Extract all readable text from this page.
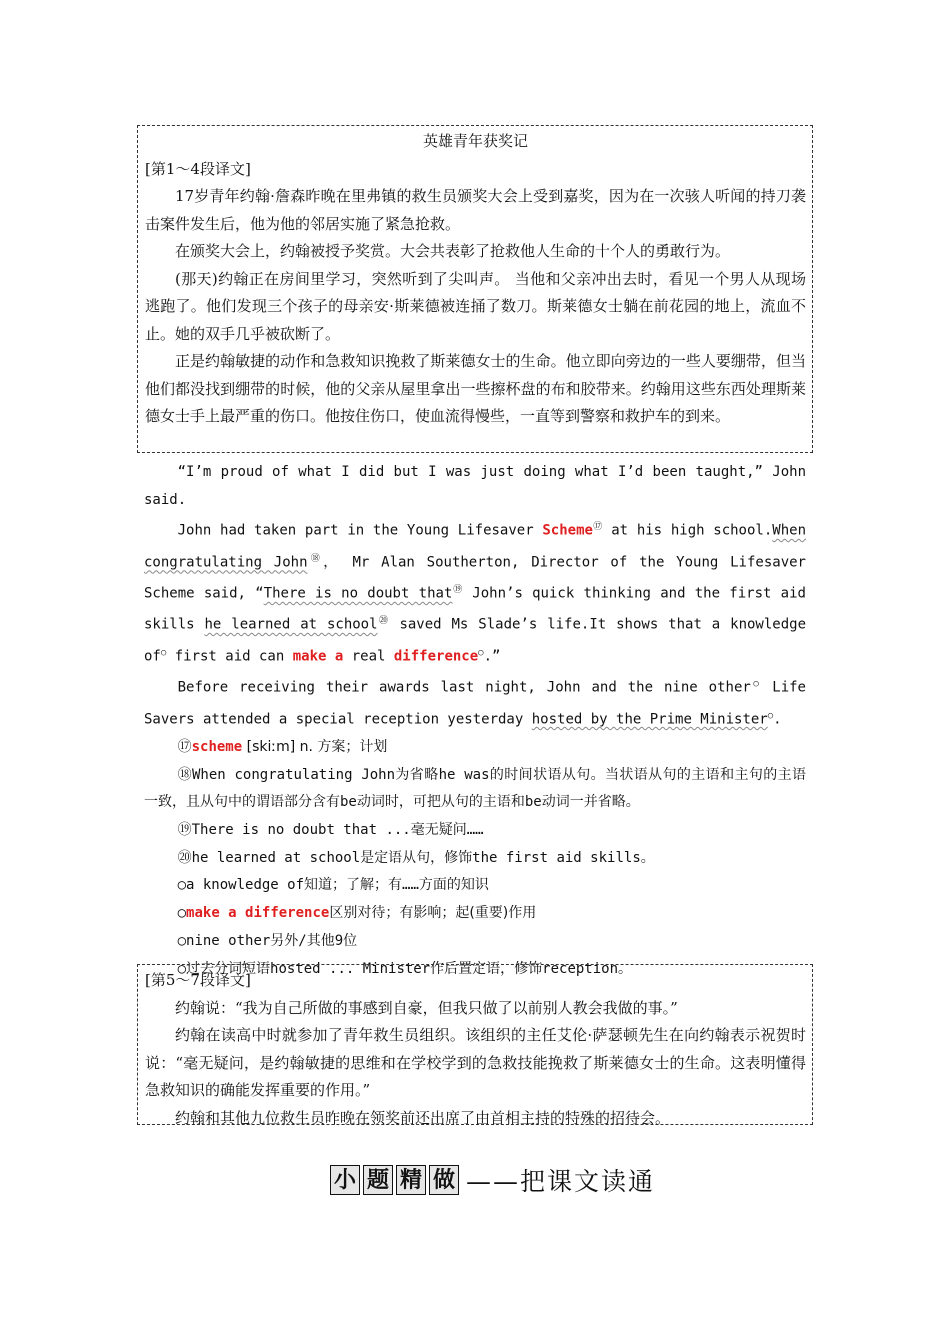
英雄青年获奖记

[第1～4段译文]

17岁青年约翰·詹森昨晚在里弗镇的救生员颁奖大会上受到嘉奖，因为在一次骇人听闻的持刀袭击案件发生后，他为他的邻居实施了紧急抢救。

在颁奖大会上，约翰被授予奖赏。大会共表彰了抢救他人生命的十个人的勇敢行为。

(那天)约翰正在房间里学习，突然听到了尖叫声。 当他和父亲冲出去时，看见一个男人从现场逃跑了。他们发现三个孩子的母亲安·斯莱德被连捅了数刀。斯莱德女士躺在前花园的地上，流血不止。她的双手几乎被砍断了。

正是约翰敏捷的动作和急救知识挽救了斯莱德女士的生命。他立即向旁边的一些人要绷带，但当他们都没找到绷带的时候，他的父亲从屋里拿出一些擦杯盘的布和胶带来。约翰用这些东西处理斯莱德女士手上最严重的伤口。他按住伤口，使血流得慢些，一直等到警察和救护车的到来。

“I’m proud of what I did but I was just doing what I’d been taught,” John said.

John had taken part in the Young Lifesaver Scheme⑰ at his high school.When congratulating John⑱， Mr Alan Southerton, Director of the Young Lifesaver Scheme said, “There is no doubt that⑲ John’s quick thinking and the first aid skills he learned at school⑳ saved Ms Slade’s life.It shows that a knowledge of○ first aid can make a real difference○.”

Before receiving their awards last night, John and the nine other○ Life Savers attended a special reception yesterday hosted by the Prime Minister○.

⑰scheme [skiːm] n. 方案；计划

⑱When congratulating John为省略he was的时间状语从句。当状语从句的主语和主句的主语一致，且从句中的谓语部分含有be动词时，可把从句的主语和be动词一并省略。

⑲There is no doubt that ...毫无疑问……

⑳he learned at school是定语从句，修饰the first aid skills。

○a knowledge of知道；了解；有……方面的知识

○make a difference区别对待；有影响；起(重要)作用

○nine other另外/其他9位

○过去分词短语hosted ... Minister作后置定语，修饰reception。

[第5～7段译文]

约翰说：“我为自己所做的事感到自豪，但我只做了以前别人教会我做的事。”

约翰在读高中时就参加了青年救生员组织。该组织的主任艾伦·萨瑟顿先生在向约翰表示祝贺时说：“毫无疑问，是约翰敏捷的思维和在学校学到的急救技能挽救了斯莱德女士的生命。这表明懂得急救知识的确能发挥重要的作用。”

约翰和其他九位救生员昨晚在领奖前还出席了由首相主持的特殊的招待会。

小 题 精 做 ——把课文读通
